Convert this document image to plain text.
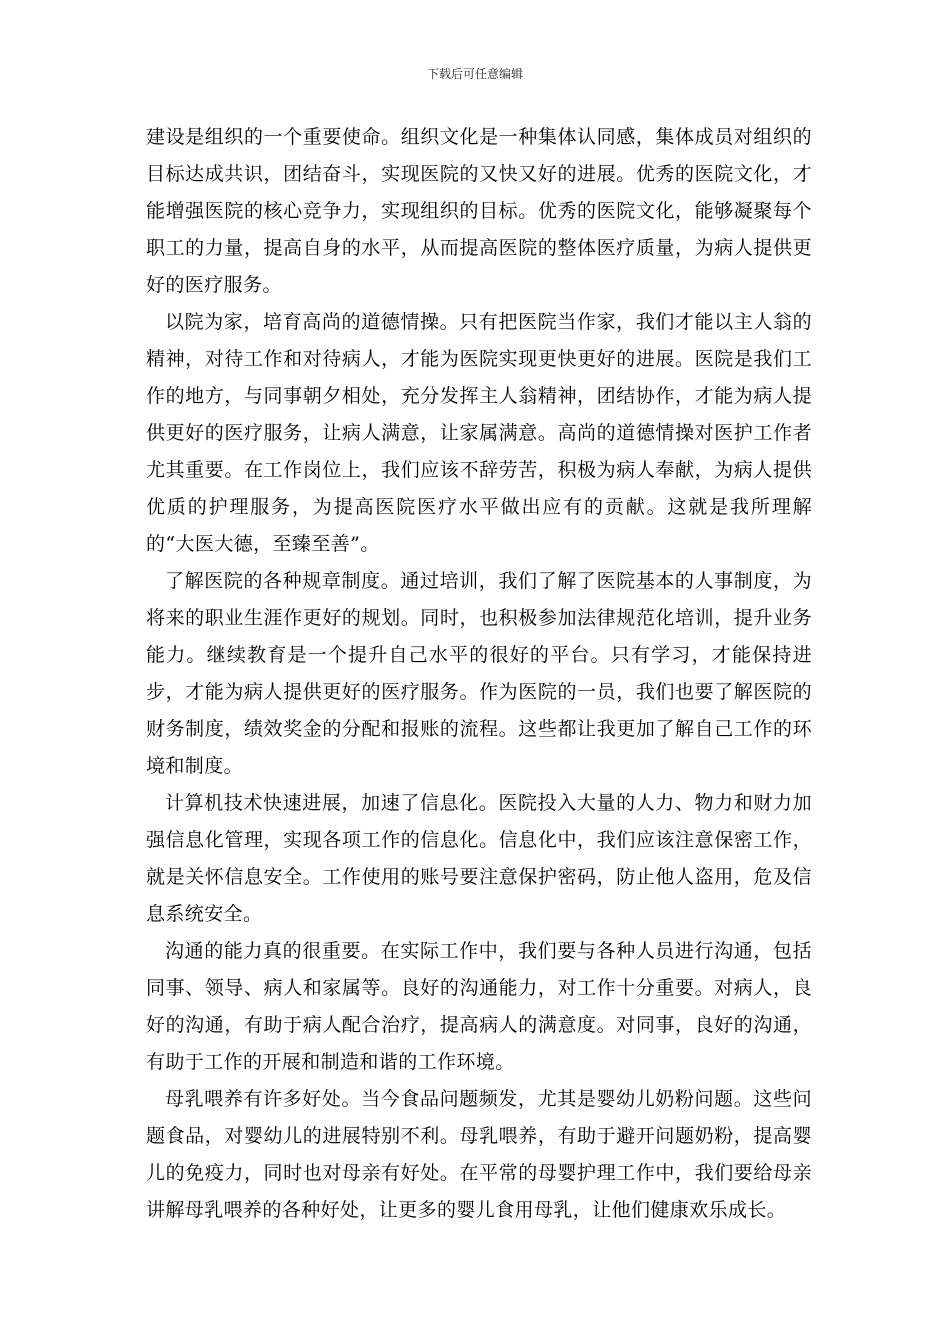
下载后可任意编辑

建设是组织的一个重要使命。组织文化是一种集体认同感，集体成员对组织的目标达成共识，团结奋斗，实现医院的又快又好的进展。优秀的医院文化，才能增强医院的核心竞争力，实现组织的目标。优秀的医院文化，能够凝聚每个职工的力量，提高自身的水平，从而提高医院的整体医疗质量，为病人提供更好的医疗服务。

以院为家，培育高尚的道德情操。只有把医院当作家，我们才能以主人翁的精神，对待工作和对待病人，才能为医院实现更快更好的进展。医院是我们工作的地方，与同事朝夕相处，充分发挥主人翁精神，团结协作，才能为病人提供更好的医疗服务，让病人满意，让家属满意。高尚的道德情操对医护工作者尤其重要。在工作岗位上，我们应该不辞劳苦，积极为病人奉献，为病人提供优质的护理服务，为提高医院医疗水平做出应有的贡献。这就是我所理解的“大医大德，至臻至善”。

了解医院的各种规章制度。通过培训，我们了解了医院基本的人事制度，为将来的职业生涯作更好的规划。同时，也积极参加法律规范化培训，提升业务能力。继续教育是一个提升自己水平的很好的平台。只有学习，才能保持进步，才能为病人提供更好的医疗服务。作为医院的一员，我们也要了解医院的财务制度，绩效奖金的分配和报账的流程。这些都让我更加了解自己工作的环境和制度。

计算机技术快速进展，加速了信息化。医院投入大量的人力、物力和财力加强信息化管理，实现各项工作的信息化。信息化中，我们应该注意保密工作，就是关怀信息安全。工作使用的账号要注意保护密码，防止他人盗用，危及信息系统安全。

沟通的能力真的很重要。在实际工作中，我们要与各种人员进行沟通，包括同事、领导、病人和家属等。良好的沟通能力，对工作十分重要。对病人，良好的沟通，有助于病人配合治疗，提高病人的满意度。对同事，良好的沟通，有助于工作的开展和制造和谐的工作环境。

母乳喂养有许多好处。当今食品问题频发，尤其是婴幼儿奶粉问题。这些问题食品，对婴幼儿的进展特别不利。母乳喂养，有助于避开问题奶粉，提高婴儿的免疫力，同时也对母亲有好处。在平常的母婴护理工作中，我们要给母亲讲解母乳喂养的各种好处，让更多的婴儿食用母乳，让他们健康欢乐成长。
